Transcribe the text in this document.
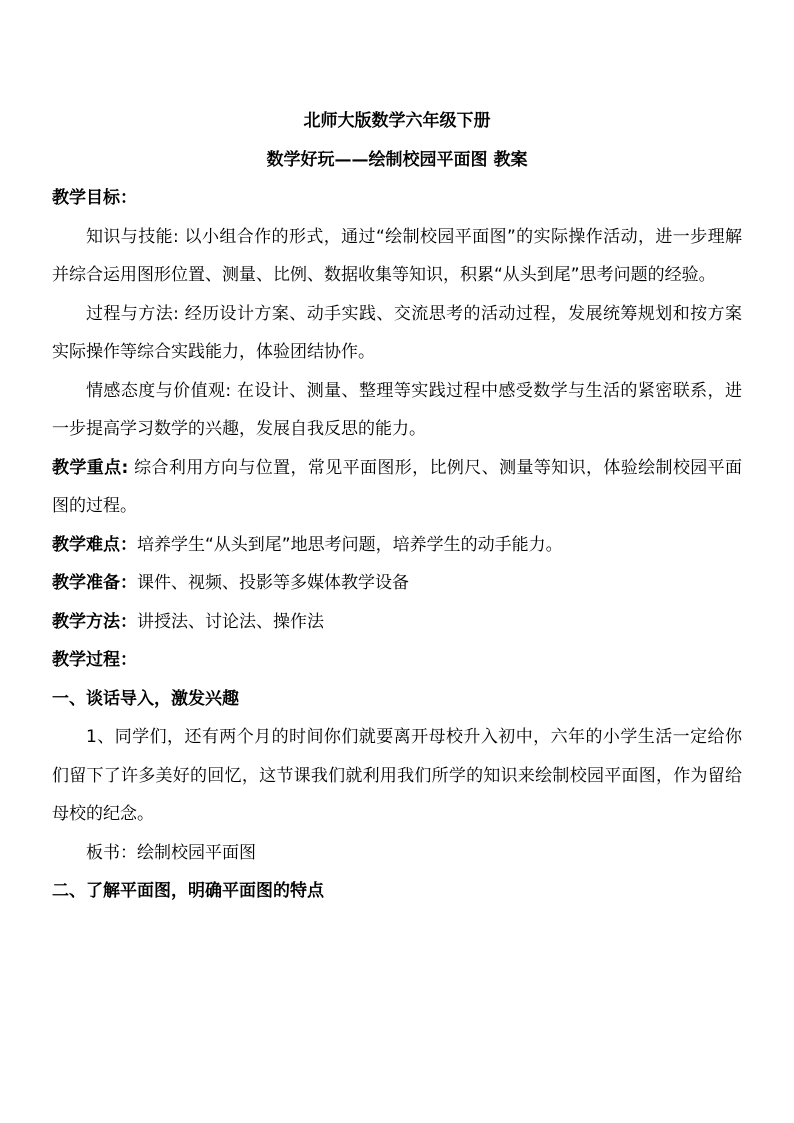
北师大版数学六年级下册

数学好玩——绘制校园平面图 教案

教学目标：

知识与技能: 以小组合作的形式，通过“绘制校园平面图”的实际操作活动，进一步理解并综合运用图形位置、测量、比例、数据收集等知识，积累“从头到尾”思考问题的经验。

过程与方法: 经历设计方案、动手实践、交流思考的活动过程，发展统筹规划和按方案实际操作等综合实践能力，体验团结协作。

情感态度与价值观: 在设计、测量、整理等实践过程中感受数学与生活的紧密联系，进一步提高学习数学的兴趣，发展自我反思的能力。

教学重点: 综合利用方向与位置，常见平面图形，比例尺、测量等知识，体验绘制校园平面图的过程。

教学难点：培养学生“从头到尾”地思考问题，培养学生的动手能力。

教学准备：课件、视频、投影等多媒体教学设备

教学方法：讲授法、讨论法、操作法

教学过程：

一、谈话导入，激发兴趣

1、同学们，还有两个月的时间你们就要离开母校升入初中，六年的小学生活一定给你们留下了许多美好的回忆，这节课我们就利用我们所学的知识来绘制校园平面图，作为留给母校的纪念。

板书：绘制校园平面图

二、了解平面图，明确平面图的特点
